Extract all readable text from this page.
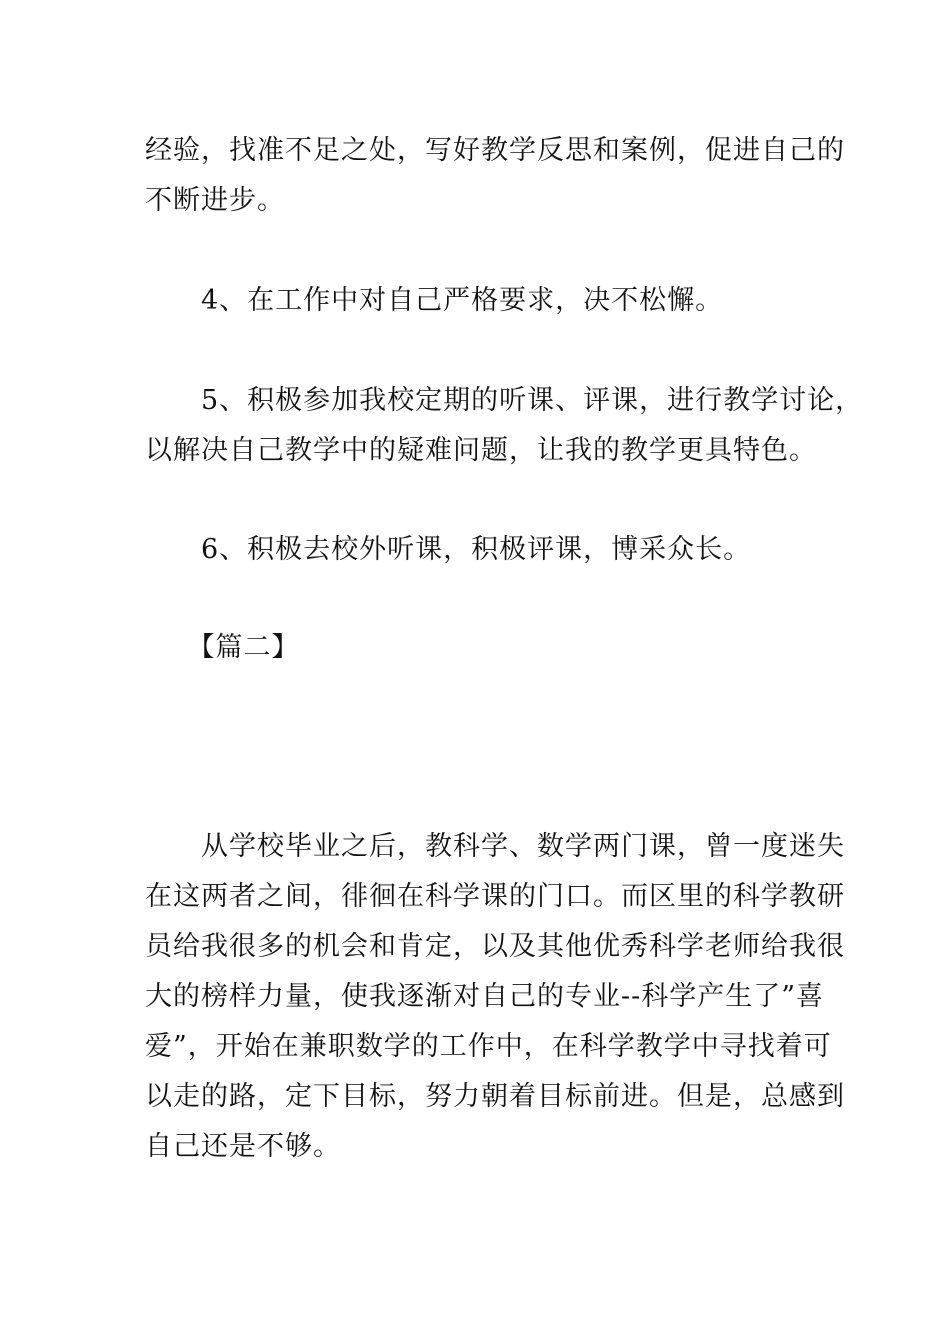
经验，找准不足之处，写好教学反思和案例，促进自己的
不断进步。
　　4、在工作中对自己严格要求，决不松懈。
　　5、积极参加我校定期的听课、评课，进行教学讨论，
以解决自己教学中的疑难问题，让我的教学更具特色。
　　6、积极去校外听课，积极评课，博采众长。
　　【篇二】
　　从学校毕业之后，教科学、数学两门课，曾一度迷失
在这两者之间，徘徊在科学课的门口。而区里的科学教研
员给我很多的机会和肯定，以及其他优秀科学老师给我很
大的榜样力量，使我逐渐对自己的专业--科学产生了”喜
爱”，开始在兼职数学的工作中，在科学教学中寻找着可
以走的路，定下目标，努力朝着目标前进。但是，总感到
自己还是不够。
